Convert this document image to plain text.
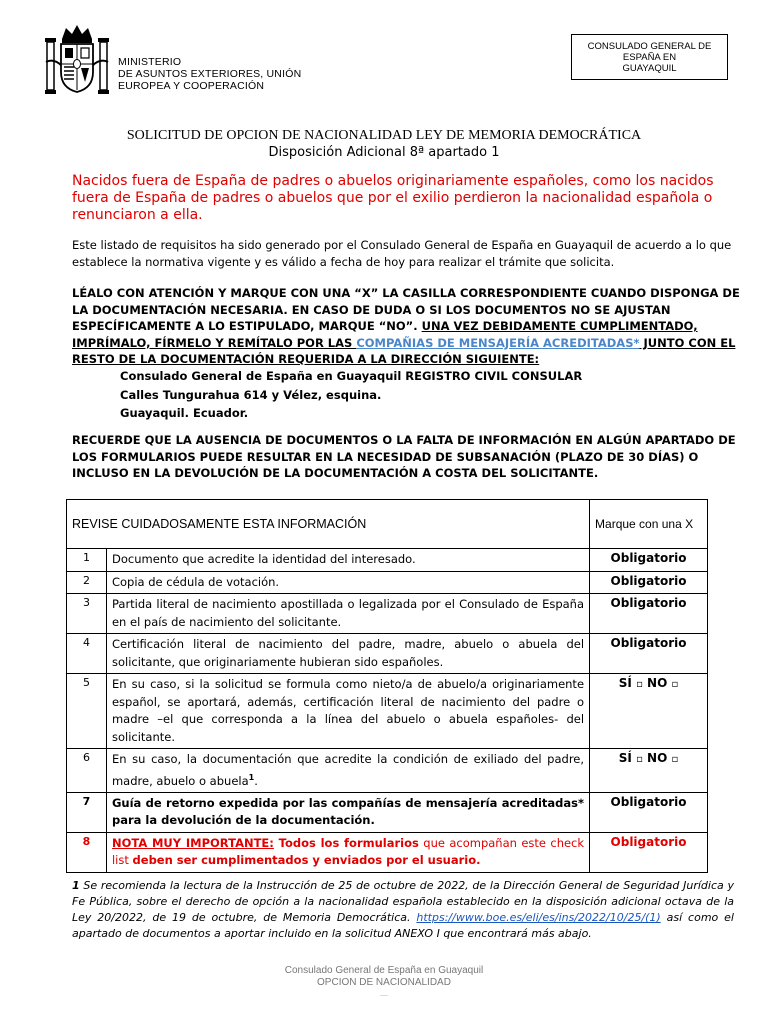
MINISTERIO
DE ASUNTOS EXTERIORES, UNIÓN
EUROPEA Y COOPERACIÓN
CONSULADO GENERAL DE
ESPAÑA EN
GUAYAQUIL
SOLICITUD DE OPCION DE NACIONALIDAD LEY DE MEMORIA DEMOCRÁTICA
Disposición Adicional 8ª apartado 1
Nacidos fuera de España de padres o abuelos originariamente españoles, como los nacidos fuera de España de padres o abuelos que por el exilio perdieron la nacionalidad española o renunciaron a ella.
Este listado de requisitos ha sido generado por el Consulado General de España en Guayaquil de acuerdo a lo que establece la normativa vigente y es válido a fecha de hoy para realizar el trámite que solicita.
LÉALO CON ATENCIÓN Y MARQUE CON UNA “X” LA CASILLA CORRESPONDIENTE CUANDO DISPONGA DE LA DOCUMENTACIÓN NECESARIA. EN CASO DE DUDA O SI LOS DOCUMENTOS NO SE AJUSTAN ESPECÍFICAMENTE A LO ESTIPULADO, MARQUE “NO”. UNA VEZ DEBIDAMENTE CUMPLIMENTADO, IMPRÍMALO, FÍRMELO Y REMÍTALO POR LAS COMPAÑIAS DE MENSAJERÍA ACREDITADAS* JUNTO CON EL RESTO DE LA DOCUMENTACIÓN REQUERIDA A LA DIRECCIÓN SIGUIENTE:
Consulado General de España en Guayaquil REGISTRO CIVIL CONSULAR
Calles Tungurahua 614 y Vélez, esquina.
Guayaquil. Ecuador.
RECUERDE QUE LA AUSENCIA DE DOCUMENTOS O LA FALTA DE INFORMACIÓN EN ALGÚN APARTADO DE LOS FORMULARIOS PUEDE RESULTAR EN LA NECESIDAD DE SUBSANACIÓN (PLAZO DE 30 DÍAS) O INCLUSO EN LA DEVOLUCIÓN DE LA DOCUMENTACIÓN A COSTA DEL SOLICITANTE.
REVISE CUIDADOSAMENTE ESTA INFORMACIÓN		Marque con una X
1	Documento que acredite la identidad del interesado.	Obligatorio
2	Copia de cédula de votación.	Obligatorio
3	Partida literal de nacimiento apostillada o legalizada por el Consulado de España en el país de nacimiento del solicitante.	Obligatorio
4	Certificación literal de nacimiento del padre, madre, abuelo o abuela del solicitante, que originariamente hubieran sido españoles.	Obligatorio
5	En su caso, si la solicitud se formula como nieto/a de abuelo/a originariamente español, se aportará, además, certificación literal de nacimiento del padre o madre –el que corresponda a la línea del abuelo o abuela españoles- del solicitante.	SÍ ▫ NO ▫
6	En su caso, la documentación que acredite la condición de exiliado del padre, madre, abuelo o abuela$^1$.	SÍ ▫ NO ▫
7	Guía de retorno expedida por las compañías de mensajería acreditadas* para la devolución de la documentación.	Obligatorio
8	NOTA MUY IMPORTANTE: Todos los formularios que acompañan este check list deben ser cumplimentados y enviados por el usuario.	Obligatorio
1 Se recomienda la lectura de la Instrucción de 25 de octubre de 2022, de la Dirección General de Seguridad Jurídica y Fe Pública, sobre el derecho de opción a la nacionalidad española establecido en la disposición adicional octava de la Ley 20/2022, de 19 de octubre, de Memoria Democrática. https://www.boe.es/eli/es/ins/2022/10/25/(1) así como el apartado de documentos a aportar incluido en la solicitud ANEXO I que encontrará más abajo.
Consulado General de España en Guayaquil
OPCION DE NACIONALIDAD
....
